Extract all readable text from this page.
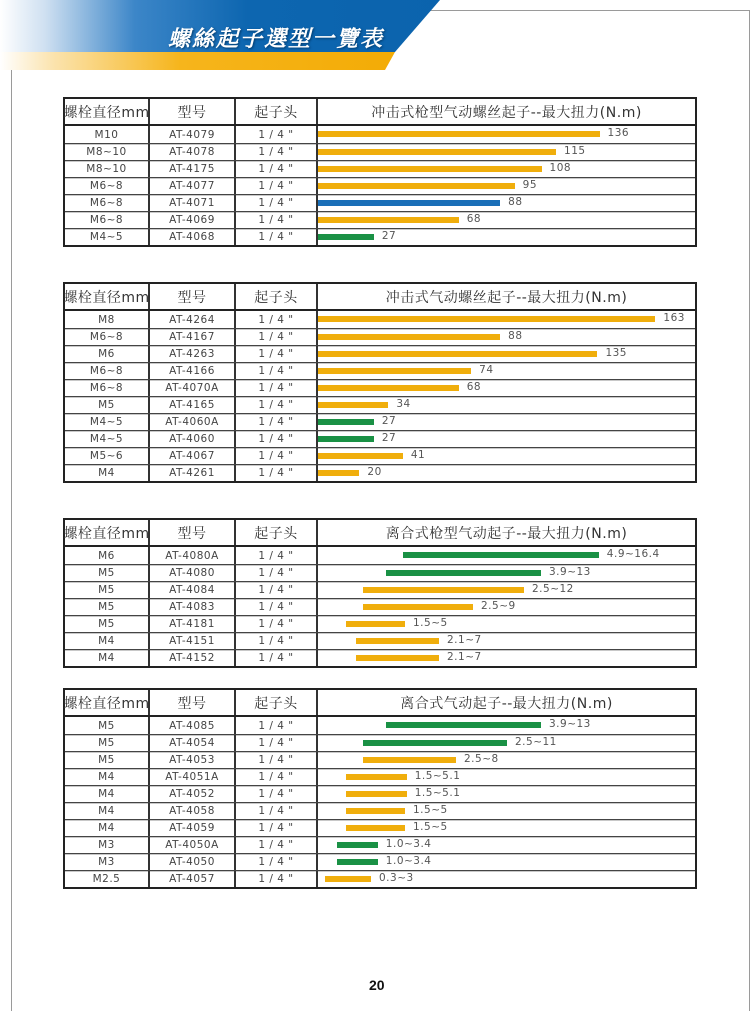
螺絲起子選型一覽表
螺栓直径mm	型号	起子头	冲击式枪型气动螺丝起子--最大扭力(N.m)
M10	AT-4079	1 / 4 "	136
M8~10	AT-4078	1 / 4 "	115
M8~10	AT-4175	1 / 4 "	108
M6~8	AT-4077	1 / 4 "	95
M6~8	AT-4071	1 / 4 "	88
M6~8	AT-4069	1 / 4 "	68
M4~5	AT-4068	1 / 4 "	27
螺栓直径mm	型号	起子头	冲击式气动螺丝起子--最大扭力(N.m)
M8	AT-4264	1 / 4 "	163
M6~8	AT-4167	1 / 4 "	88
M6	AT-4263	1 / 4 "	135
M6~8	AT-4166	1 / 4 "	74
M6~8	AT-4070A	1 / 4 "	68
M5	AT-4165	1 / 4 "	34
M4~5	AT-4060A	1 / 4 "	27
M4~5	AT-4060	1 / 4 "	27
M5~6	AT-4067	1 / 4 "	41
M4	AT-4261	1 / 4 "	20
螺栓直径mm	型号	起子头	离合式枪型气动起子--最大扭力(N.m)
M6	AT-4080A	1 / 4 "	4.9~16.4
M5	AT-4080	1 / 4 "	3.9~13
M5	AT-4084	1 / 4 "	2.5~12
M5	AT-4083	1 / 4 "	2.5~9
M5	AT-4181	1 / 4 "	1.5~5
M4	AT-4151	1 / 4 "	2.1~7
M4	AT-4152	1 / 4 "	2.1~7
螺栓直径mm	型号	起子头	离合式气动起子--最大扭力(N.m)
M5	AT-4085	1 / 4 "	3.9~13
M5	AT-4054	1 / 4 "	2.5~11
M5	AT-4053	1 / 4 "	2.5~8
M4	AT-4051A	1 / 4 "	1.5~5.1
M4	AT-4052	1 / 4 "	1.5~5.1
M4	AT-4058	1 / 4 "	1.5~5
M4	AT-4059	1 / 4 "	1.5~5
M3	AT-4050A	1 / 4 "	1.0~3.4
M3	AT-4050	1 / 4 "	1.0~3.4
M2.5	AT-4057	1 / 4 "	0.3~3
20
